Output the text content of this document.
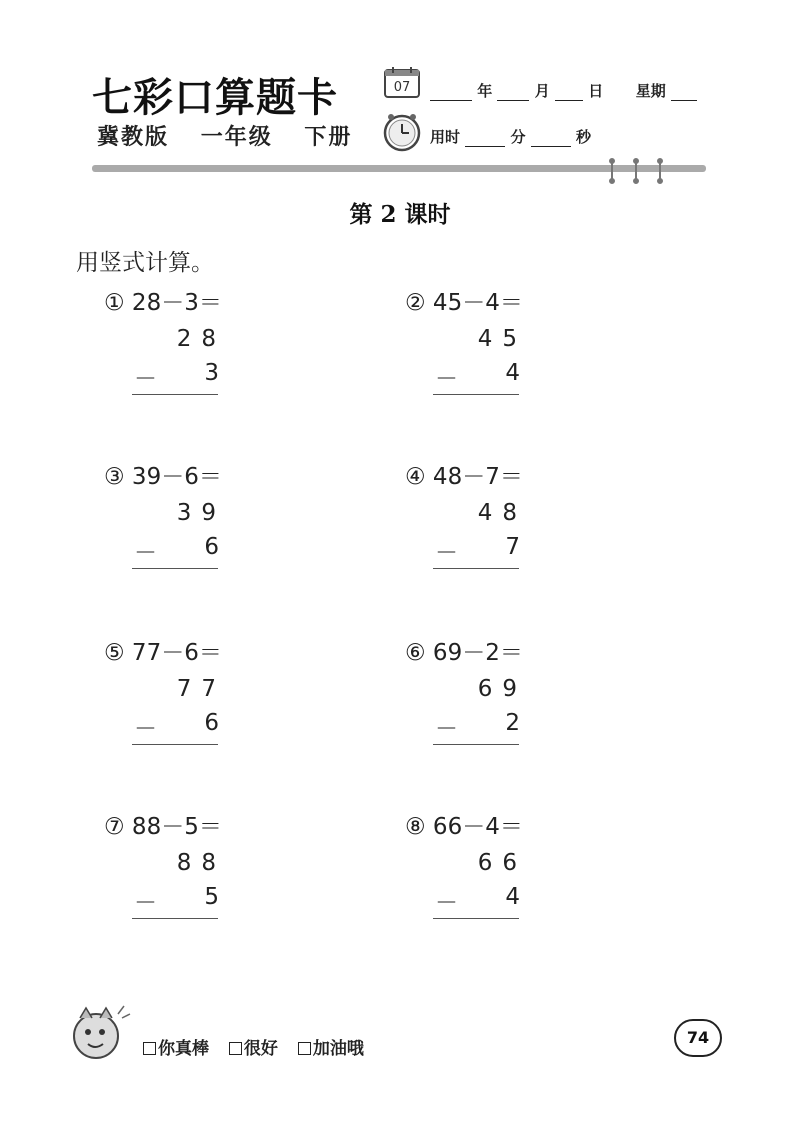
七彩口算题卡
冀教版 一年级 下册
07	年	月	日 星期
用时	分	秒
第 2 课时
用竖式计算。
① 28－3＝
28
－	3
② 45－4＝
45
－	4
③ 39－6＝
39
－	6
④ 48－7＝
48
－	7
⑤ 77－6＝
77
－	6
⑥ 69－2＝
69
－	2
⑦ 88－5＝
88
－	5
⑧ 66－4＝
66
－	4
你真棒 很好 加油哦
74
